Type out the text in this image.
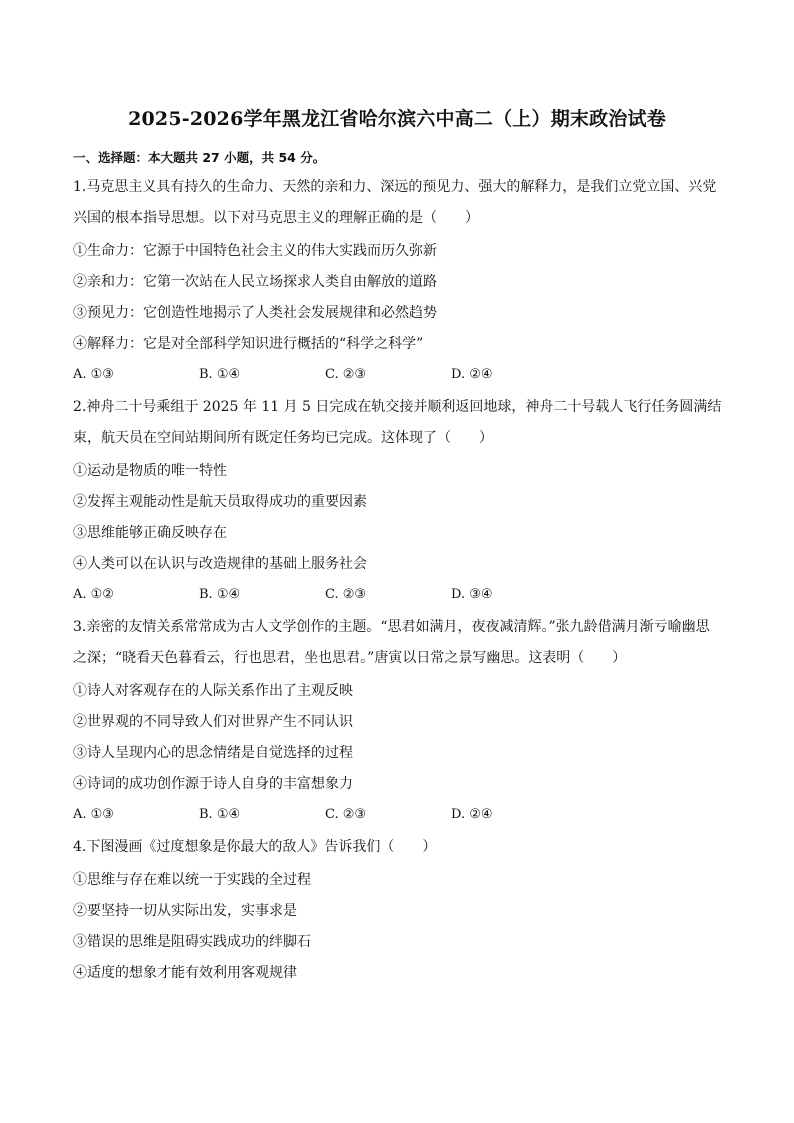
2025-2026学年黑龙江省哈尔滨六中高二（上）期末政治试卷
一、选择题：本大题共 27 小题，共 54 分。
1.马克思主义具有持久的生命力、天然的亲和力、深远的预见力、强大的解释力，是我们立党立国、兴党兴国的根本指导思想。以下对马克思主义的理解正确的是（　　）
①生命力：它源于中国特色社会主义的伟大实践而历久弥新
②亲和力：它第一次站在人民立场探求人类自由解放的道路
③预见力：它创造性地揭示了人类社会发展规律和必然趋势
④解释力：它是对全部科学知识进行概括的“科学之科学”
A. ①③	B. ①④	C. ②③	D. ②④
2.神舟二十号乘组于 2025 年 11 月 5 日完成在轨交接并顺利返回地球，神舟二十号载人飞行任务圆满结束，航天员在空间站期间所有既定任务均已完成。这体现了（　　）
①运动是物质的唯一特性
②发挥主观能动性是航天员取得成功的重要因素
③思维能够正确反映存在
④人类可以在认识与改造规律的基础上服务社会
A. ①②	B. ①④	C. ②③	D. ③④
3.亲密的友情关系常常成为古人文学创作的主题。“思君如满月，夜夜减清辉。”张九龄借满月渐亏喻幽思之深；“晓看天色暮看云，行也思君，坐也思君。”唐寅以日常之景写幽思。这表明（　　）
①诗人对客观存在的人际关系作出了主观反映
②世界观的不同导致人们对世界产生不同认识
③诗人呈现内心的思念情绪是自觉选择的过程
④诗词的成功创作源于诗人自身的丰富想象力
A. ①③	B. ①④	C. ②③	D. ②④
4.下图漫画《过度想象是你最大的敌人》告诉我们（　　）
①思维与存在难以统一于实践的全过程
②要坚持一切从实际出发，实事求是
③错误的思维是阻碍实践成功的绊脚石
④适度的想象才能有效利用客观规律
